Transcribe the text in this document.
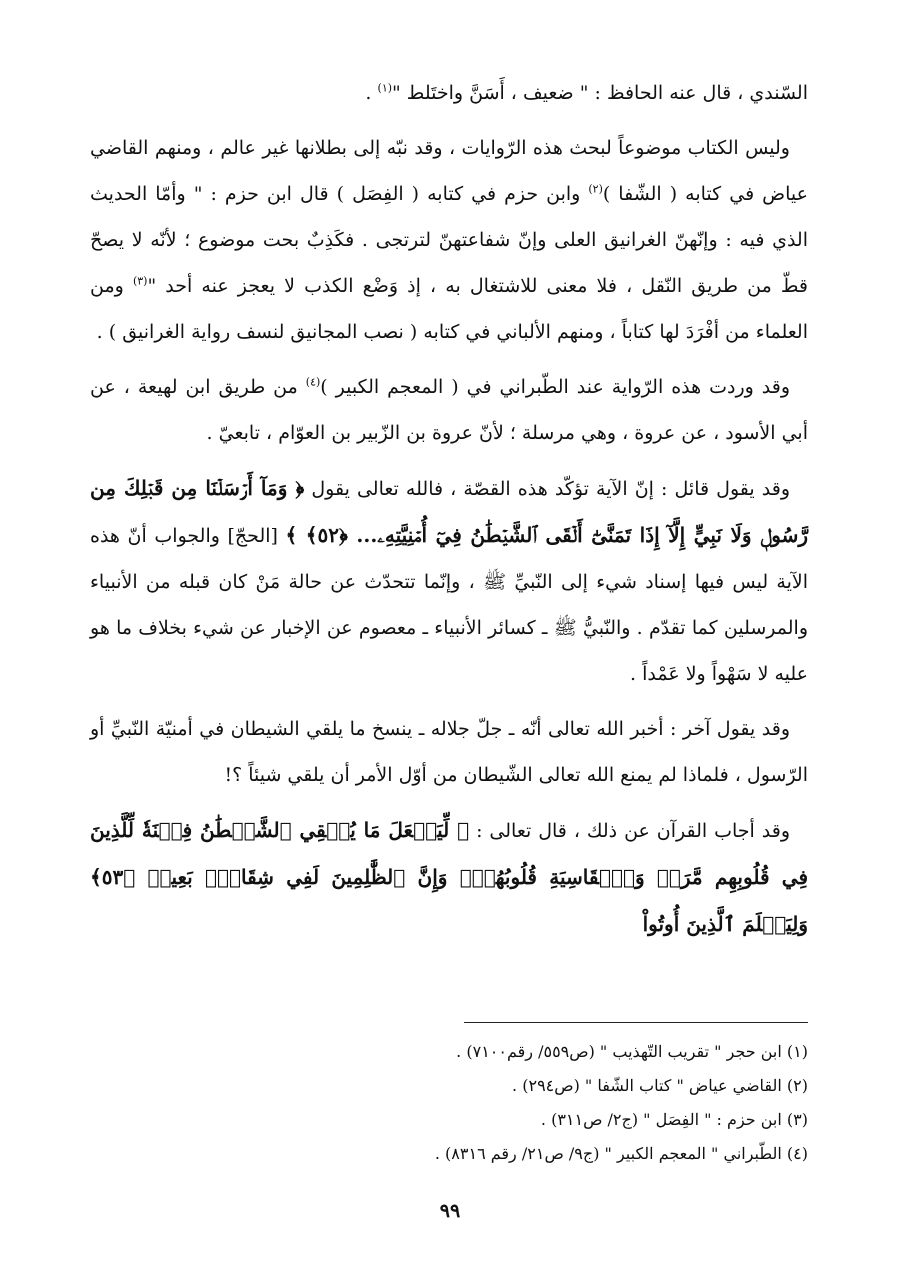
السّندي ، قال عنه الحافظ : " ضعيف ، أَسَنَّ واختَلط "$^{(١)}$ .

وليس الكتاب موضوعاً لبحث هذه الرّوايات ، وقد نبّه إلى بطلانها غير عالم ، ومنهم القاضي عياض في كتابه ( الشّفا )$^{(٢)}$ وابن حزم في كتابه ( الفِصَل ) قال ابن حزم : " وأمّا الحديث الذي فيه : وإنّهنّ الغرانيق العلى وإنّ شفاعتهنّ لترتجى . فكَذِبٌ بحت موضوع ؛ لأنّه لا يصحّ قطّ من طريق النّقل ، فلا معنى للاشتغال به ، إذ وَضْع الكذب لا يعجز عنه أحد "$^{(٣)}$ ومن العلماء من أفْرَدَ لها كتاباً ، ومنهم الألباني في كتابه ( نصب المجانيق لنسف رواية الغرانيق ) .

وقد وردت هذه الرّواية عند الطّبراني في ( المعجم الكبير )$^{(٤)}$ من طريق ابن لهيعة ، عن أبي الأسود ، عن عروة ، وهي مرسلة ؛ لأنّ عروة بن الزّبير بن العوّام ، تابعيّ .

وقد يقول قائل : إنّ الآية تؤكّد هذه القصّة ، فالله تعالى يقول ﴿ وَمَآ أَرۡسَلۡنَا مِن قَبۡلِكَ مِن رَّسُولٖ وَلَا نَبِيٍّ إِلَّآ إِذَا تَمَنَّىٰٓ أَلۡقَى ٱلشَّيۡطَٰنُ فِيٓ أُمۡنِيَّتِهِۦ... ﴿٥٢﴾ ﴾ [الحجّ] والجواب أنّ هذه الآية ليس فيها إسناد شيء إلى النّبيِّ ﷺ ، وإنّما تتحدّث عن حالة مَنْ كان قبله من الأنبياء والمرسلين كما تقدّم . والنّبيُّ ﷺ ـ كسائر الأنبياء ـ معصوم عن الإخبار عن شيء بخلاف ما هو عليه لا سَهْواً ولا عَمْداً .

وقد يقول آخر : أخبر الله تعالى أنّه ـ جلّ جلاله ـ ينسخ ما يلقي الشيطان في أمنيّة النّبيِّ أو الرّسول ، فلماذا لم يمنع الله تعالى الشّيطان من أوّل الأمر أن يلقي شيئاً ؟!

وقد أجاب القرآن عن ذلك ، قال تعالى : ﴿ لِّيَجۡعَلَ مَا يُلۡقِي ٱلشَّيۡطَٰنُ فِتۡنَةٗ لِّلَّذِينَ فِي قُلُوبِهِم مَّرَضٞ وَٱلۡقَاسِيَةِ قُلُوبُهُمۡۗ وَإِنَّ ٱلظَّٰلِمِينَ لَفِي شِقَاقِۭ بَعِيدٖ ﴿٥٣﴾ وَلِيَعۡلَمَ ٱلَّذِينَ أُوتُواْ

(١) ابن حجر " تقريب التّهذيب " (ص٥٥٩/ رقم٧١٠٠) .
(٢) القاضي عياض " كتاب الشّفا " (ص٢٩٤) .
(٣) ابن حزم : " الفِصَل " (ج٢/ ص٣١١) .
(٤) الطّبراني " المعجم الكبير " (ج٩/ ص٢١/ رقم ٨٣١٦) .
٩٩
